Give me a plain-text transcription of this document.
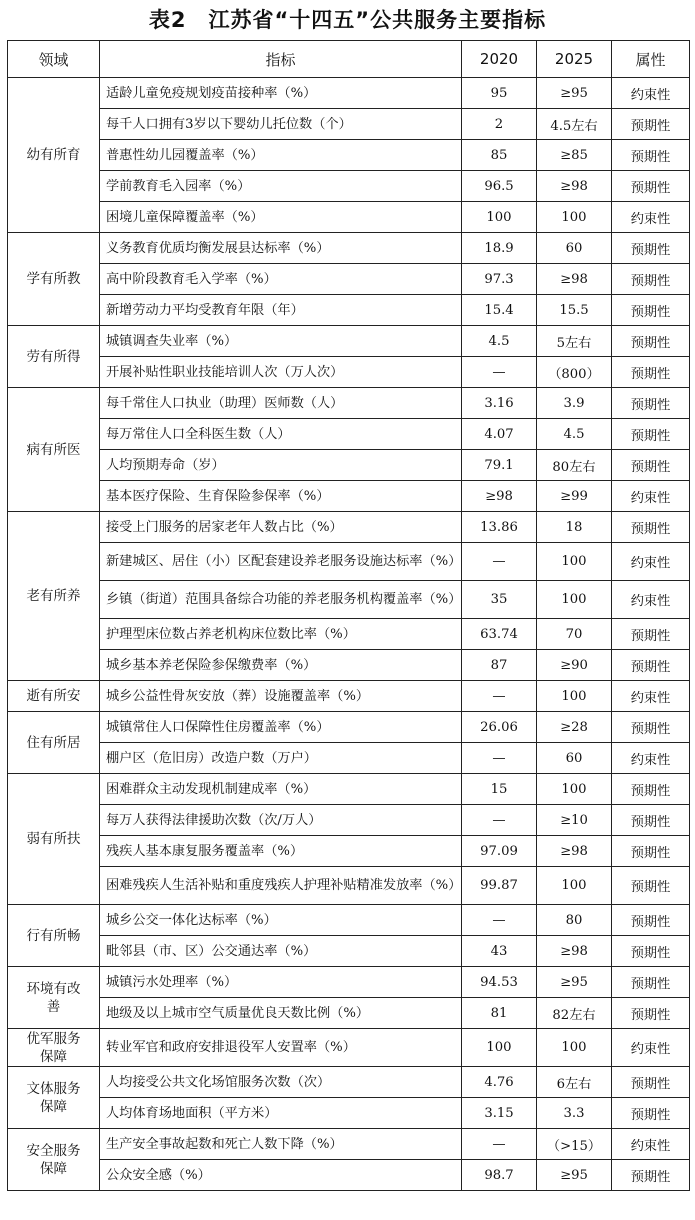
表2　江苏省“十四五”公共服务主要指标
领域	指标	2020	2025	属性
幼有所育	适龄儿童免疫规划疫苗接种率（%）	95	≥95	约束性
	每千人口拥有3岁以下婴幼儿托位数（个）	2	4.5左右	预期性
	普惠性幼儿园覆盖率（%）	85	≥85	预期性
	学前教育毛入园率（%）	96.5	≥98	预期性
	困境儿童保障覆盖率（%）	100	100	约束性
学有所教	义务教育优质均衡发展县达标率（%）	18.9	60	预期性
	高中阶段教育毛入学率（%）	97.3	≥98	预期性
	新增劳动力平均受教育年限（年）	15.4	15.5	预期性
劳有所得	城镇调查失业率（%）	4.5	5左右	预期性
	开展补贴性职业技能培训人次（万人次）	—	（800）	预期性
病有所医	每千常住人口执业（助理）医师数（人）	3.16	3.9	预期性
	每万常住人口全科医生数（人）	4.07	4.5	预期性
	人均预期寿命（岁）	79.1	80左右	预期性
	基本医疗保险、生育保险参保率（%）	≥98	≥99	约束性
老有所养	接受上门服务的居家老年人数占比（%）	13.86	18	预期性
	新建城区、居住（小）区配套建设养老服务设施达标率（%）	—	100	约束性
	乡镇（街道）范围具备综合功能的养老服务机构覆盖率（%）	35	100	约束性
	护理型床位数占养老机构床位数比率（%）	63.74	70	预期性
	城乡基本养老保险参保缴费率（%）	87	≥90	预期性
逝有所安	城乡公益性骨灰安放（葬）设施覆盖率（%）	—	100	约束性
住有所居	城镇常住人口保障性住房覆盖率（%）	26.06	≥28	预期性
	棚户区（危旧房）改造户数（万户）	—	60	约束性
弱有所扶	困难群众主动发现机制建成率（%）	15	100	预期性
	每万人获得法律援助次数（次/万人）	—	≥10	预期性
	残疾人基本康复服务覆盖率（%）	97.09	≥98	预期性
	困难残疾人生活补贴和重度残疾人护理补贴精准发放率（%）	99.87	100	预期性
行有所畅	城乡公交一体化达标率（%）	—	80	预期性
	毗邻县（市、区）公交通达率（%）	43	≥98	预期性
环境有改善	城镇污水处理率（%）	94.53	≥95	预期性
	地级及以上城市空气质量优良天数比例（%）	81	82左右	预期性
优军服务保障	转业军官和政府安排退役军人安置率（%）	100	100	约束性
文体服务保障	人均接受公共文化场馆服务次数（次）	4.76	6左右	预期性
	人均体育场地面积（平方米）	3.15	3.3	预期性
安全服务保障	生产安全事故起数和死亡人数下降（%）	—	（>15）	约束性
	公众安全感（%）	98.7	≥95	预期性
